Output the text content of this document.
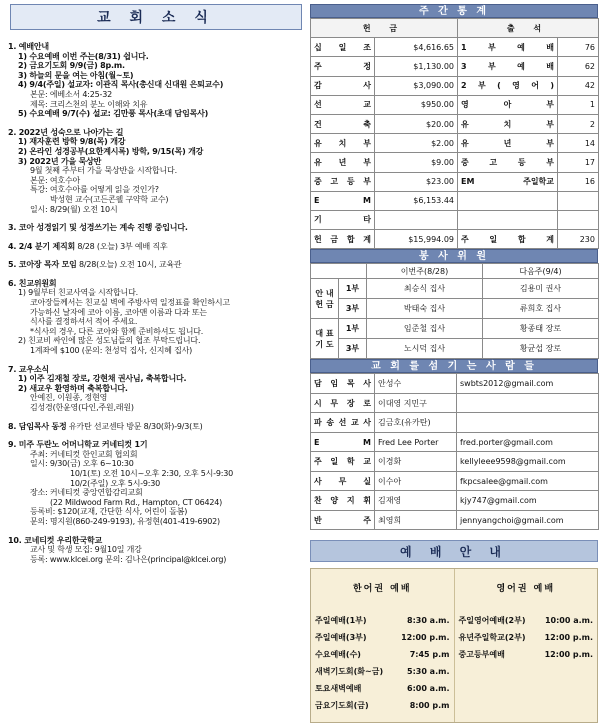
교 회 소 식
1. 예배안내
1) 수요예배 이번 주는(8/31) 쉽니다.
2) 금요기도회 9/9(금) 8p.m.
3) 하늘의 문을 여는 아침(월~토)
4) 9/4(주일) 설교자: 이관직 목사(총신대 신대원 은퇴교수)
본문: 에베소서 4:25-32
제목: 크리스천의 분노 이해와 치유
5) 수요예배 9/7(수) 설교: 김만풍 목사(초대 담임목사)
2. 2022년 성숙으로 나아가는 길
1) 재자훈련 방학 9/8(목) 개강
2) 온라인 성경공부(요한계시록) 방학, 9/15(목) 개강
3) 2022년 가을 묵상반
9월 첫째 주부터 가을 묵상반을 시작합니다.
본문: 여호수아
특강: 여호수아를 어떻게 읽을 것인가?
박성현 교수(고든콘웰 구약학 교수)
일시: 8/29(월) 오전 10시
3. 코아 성경읽기 및 성경쓰기는 계속 진행 중입니다.
4. 2/4 분기 제직회 8/28 (오늘) 3부 예배 직후
5. 코아장 목자 모임 8/28(오늘) 오전 10시, 교육관
6. 친교위원회
1) 9월부터 친교사역을 시작합니다.
코아장들께서는 친교실 벽에 주방사역 일정표를 확인하시고
가능하신 날자에 코아 이름, 코아맨 이름과 다과 또는
식사를 결정하셔서 적어 주세요.
*식사의 경우, 다른 코아와 함께 준비하셔도 됩니다.
2) 친교비 싸인에 많은 성도님들의 협조 부탁드립니다.
1계좌에 $100 (문의: 천성덕 집사, 신지혜 집사)
7. 교우소식
1) 이주 김재철 장로, 강현채 권사님, 축복합니다.
2) 새교우 환영하며 축복합니다.
안예진, 이원종, 정현영
김성경(한윤영(다인,주원,래원)
8. 담임목사 동정 유카탄 선교센타 방문 8/30(화)-9/3(토)
9. 미주 두란노 어머니학교 커네티컷 1기
주최: 커네티컷 한인교회 협의회
일시: 9/30(금) 오후 6~10:30
10/1(토) 오전 10시~오후 2:30, 오후 5시-9:30
10/2(주일) 오후 5시-9:30
장소: 커네티컷 중앙연합감리교회
(22 Mildwood Farm Rd., Hampton, CT 06424)
등록비: $120(교재, 간단한 식사, 어린이 돌봄)
문의: 명지원(860-249-9193), 유정현(401-419-6902)
10. 코네티컷 우리한국학교
교사 및 학생 모집: 9월10일 개강
등록: www.klcei.org 문의: 김나은(principal@klcei.org)
주 간 통 계
헌 금		출 석	
십 일 조	$4,616.65	1 부 예 배	76
주 정	$1,130.00	3 부 예 배	62
감 사	$3,090.00	2 부 ( 영 어 )	42
선 교	$950.00	영 아 부	1
건 축	$20.00	유 치 부	2
유 치 부	$2.00	유 년 부	14
유 년 부	$9.00	중 고 등 부	17
중 고 등 부	$23.00	EM 주일학교	16
E M	$6,153.44		
기 타			
헌 금 합 계	$15,994.09	주 일 합 계	230
봉 사 위 원
		이번주(8/28)	다음주(9/4)
안 내
헌 금	1부	최승식 집사	김용미 권사
	3부	박태숙 집사	류희호 집사
대 표
기 도	1부	임준철 집사	황종태 장로
	3부	노시덕 집사	황균섭 장로
교 회 를 섬 기 는 사 람 들
담 임 목 사	안성수	swbts2012@gmail.com
시 무 장 로	이대영 지민구	
파 송 선 교 사	김금호(유카탄)	
E M	Fred Lee Porter	fred.porter@gmail.com
주 일 학 교	이경화	kellyleee9598@gmail.com
사 무 실	이수아	fkpcsalee@gmail.com
찬 양 지 휘	김재영	kjy747@gmail.com
반 주	최영희	jennyangchoi@gmail.com
예 배 안 내
한어권 예배
주일예배(1부)	8:30 a.m.
주일예배(3부)	12:00 p.m.
수요예배(수)	7:45 p.m
새벽기도회(화~금)	5:30 a.m.
토요새벽예배	6:00 a.m.
금요기도회(금)	8:00 p.m
영어권 예배
주일영어예배(2부) 10:00 a.m.
유년주일학교(2부) 12:00 p.m.
중고등부예배	12:00 p.m.
